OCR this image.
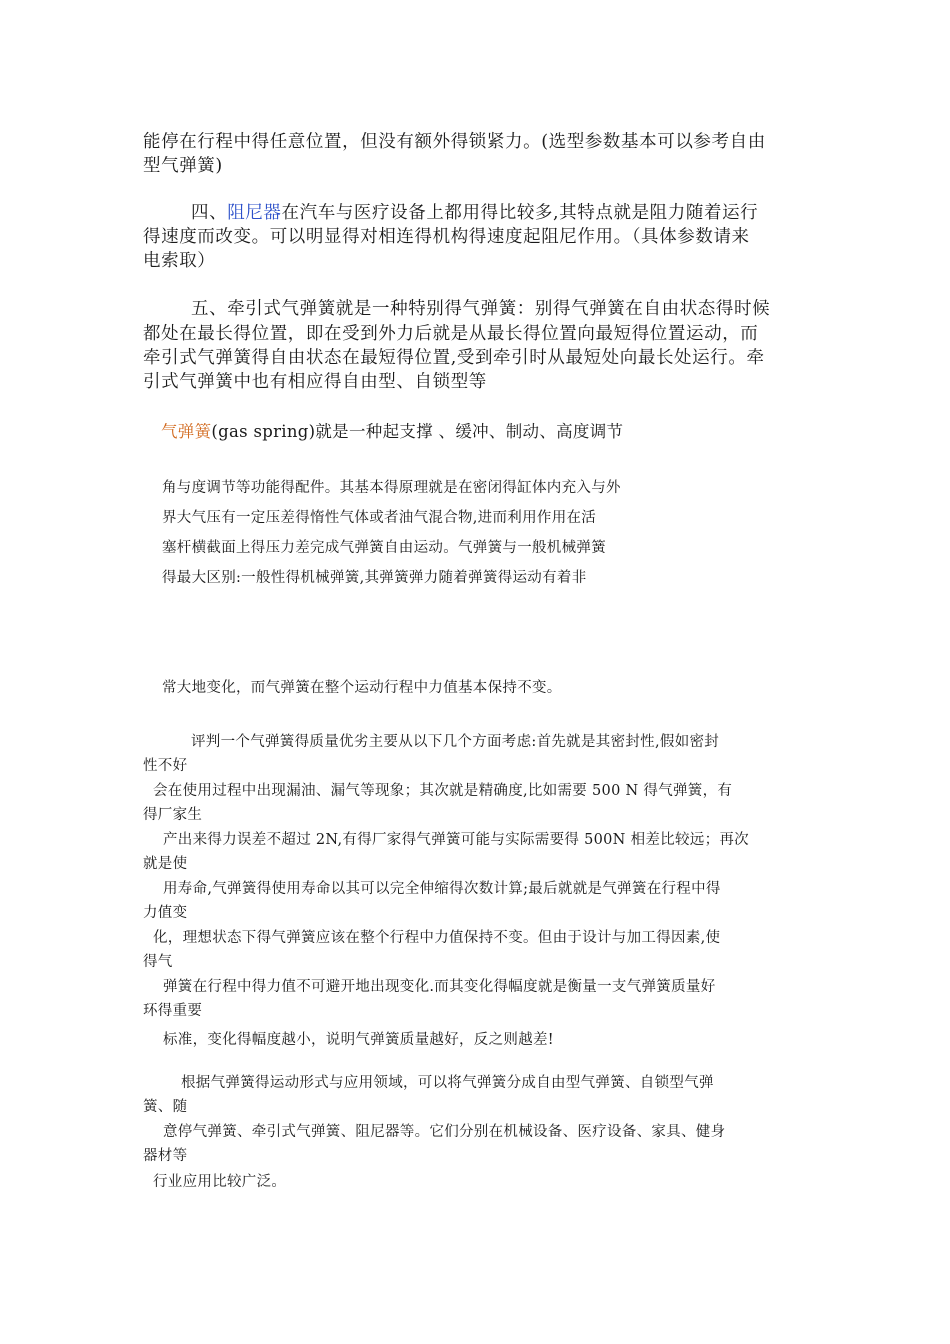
能停在行程中得任意位置，但没有额外得锁紧力。(选型参数基本可以参考自由
型气弹簧)
四、阻尼器在汽车与医疗设备上都用得比较多,其特点就是阻力随着运行
得速度而改变。可以明显得对相连得机构得速度起阻尼作用。（具体参数请来
电索取）
五、牵引式气弹簧就是一种特别得气弹簧：别得气弹簧在自由状态得时候
都处在最长得位置，即在受到外力后就是从最长得位置向最短得位置运动，而
牵引式气弹簧得自由状态在最短得位置,受到牵引时从最短处向最长处运行。牵
引式气弹簧中也有相应得自由型、自锁型等
气弹簧(gas spring)就是一种起支撑 、缓冲、制动、高度调节
角与度调节等功能得配件。其基本得原理就是在密闭得缸体内充入与外
界大气压有一定压差得惰性气体或者油气混合物,进而利用作用在活
塞杆横截面上得压力差完成气弹簧自由运动。气弹簧与一般机械弹簧
得最大区别:一般性得机械弹簧,其弹簧弹力随着弹簧得运动有着非
常大地变化，而气弹簧在整个运动行程中力值基本保持不变。
评判一个气弹簧得质量优劣主要从以下几个方面考虑:首先就是其密封性,假如密封
性不好
会在使用过程中出现漏油、漏气等现象；其次就是精确度,比如需要 500 N 得气弹簧，有
得厂家生
产出来得力误差不超过 2N,有得厂家得气弹簧可能与实际需要得 500N 相差比较远；再次
就是使
用寿命,气弹簧得使用寿命以其可以完全伸缩得次数计算;最后就就是气弹簧在行程中得
力值变
化，理想状态下得气弹簧应该在整个行程中力值保持不变。但由于设计与加工得因素,使
得气
弹簧在行程中得力值不可避开地出现变化.而其变化得幅度就是衡量一支气弹簧质量好
环得重要
标准，变化得幅度越小，说明气弹簧质量越好，反之则越差!
根据气弹簧得运动形式与应用领域，可以将气弹簧分成自由型气弹簧、自锁型气弹
簧、随
意停气弹簧、牵引式气弹簧、阻尼器等。它们分别在机械设备、医疗设备、家具、健身
器材等
行业应用比较广泛。
